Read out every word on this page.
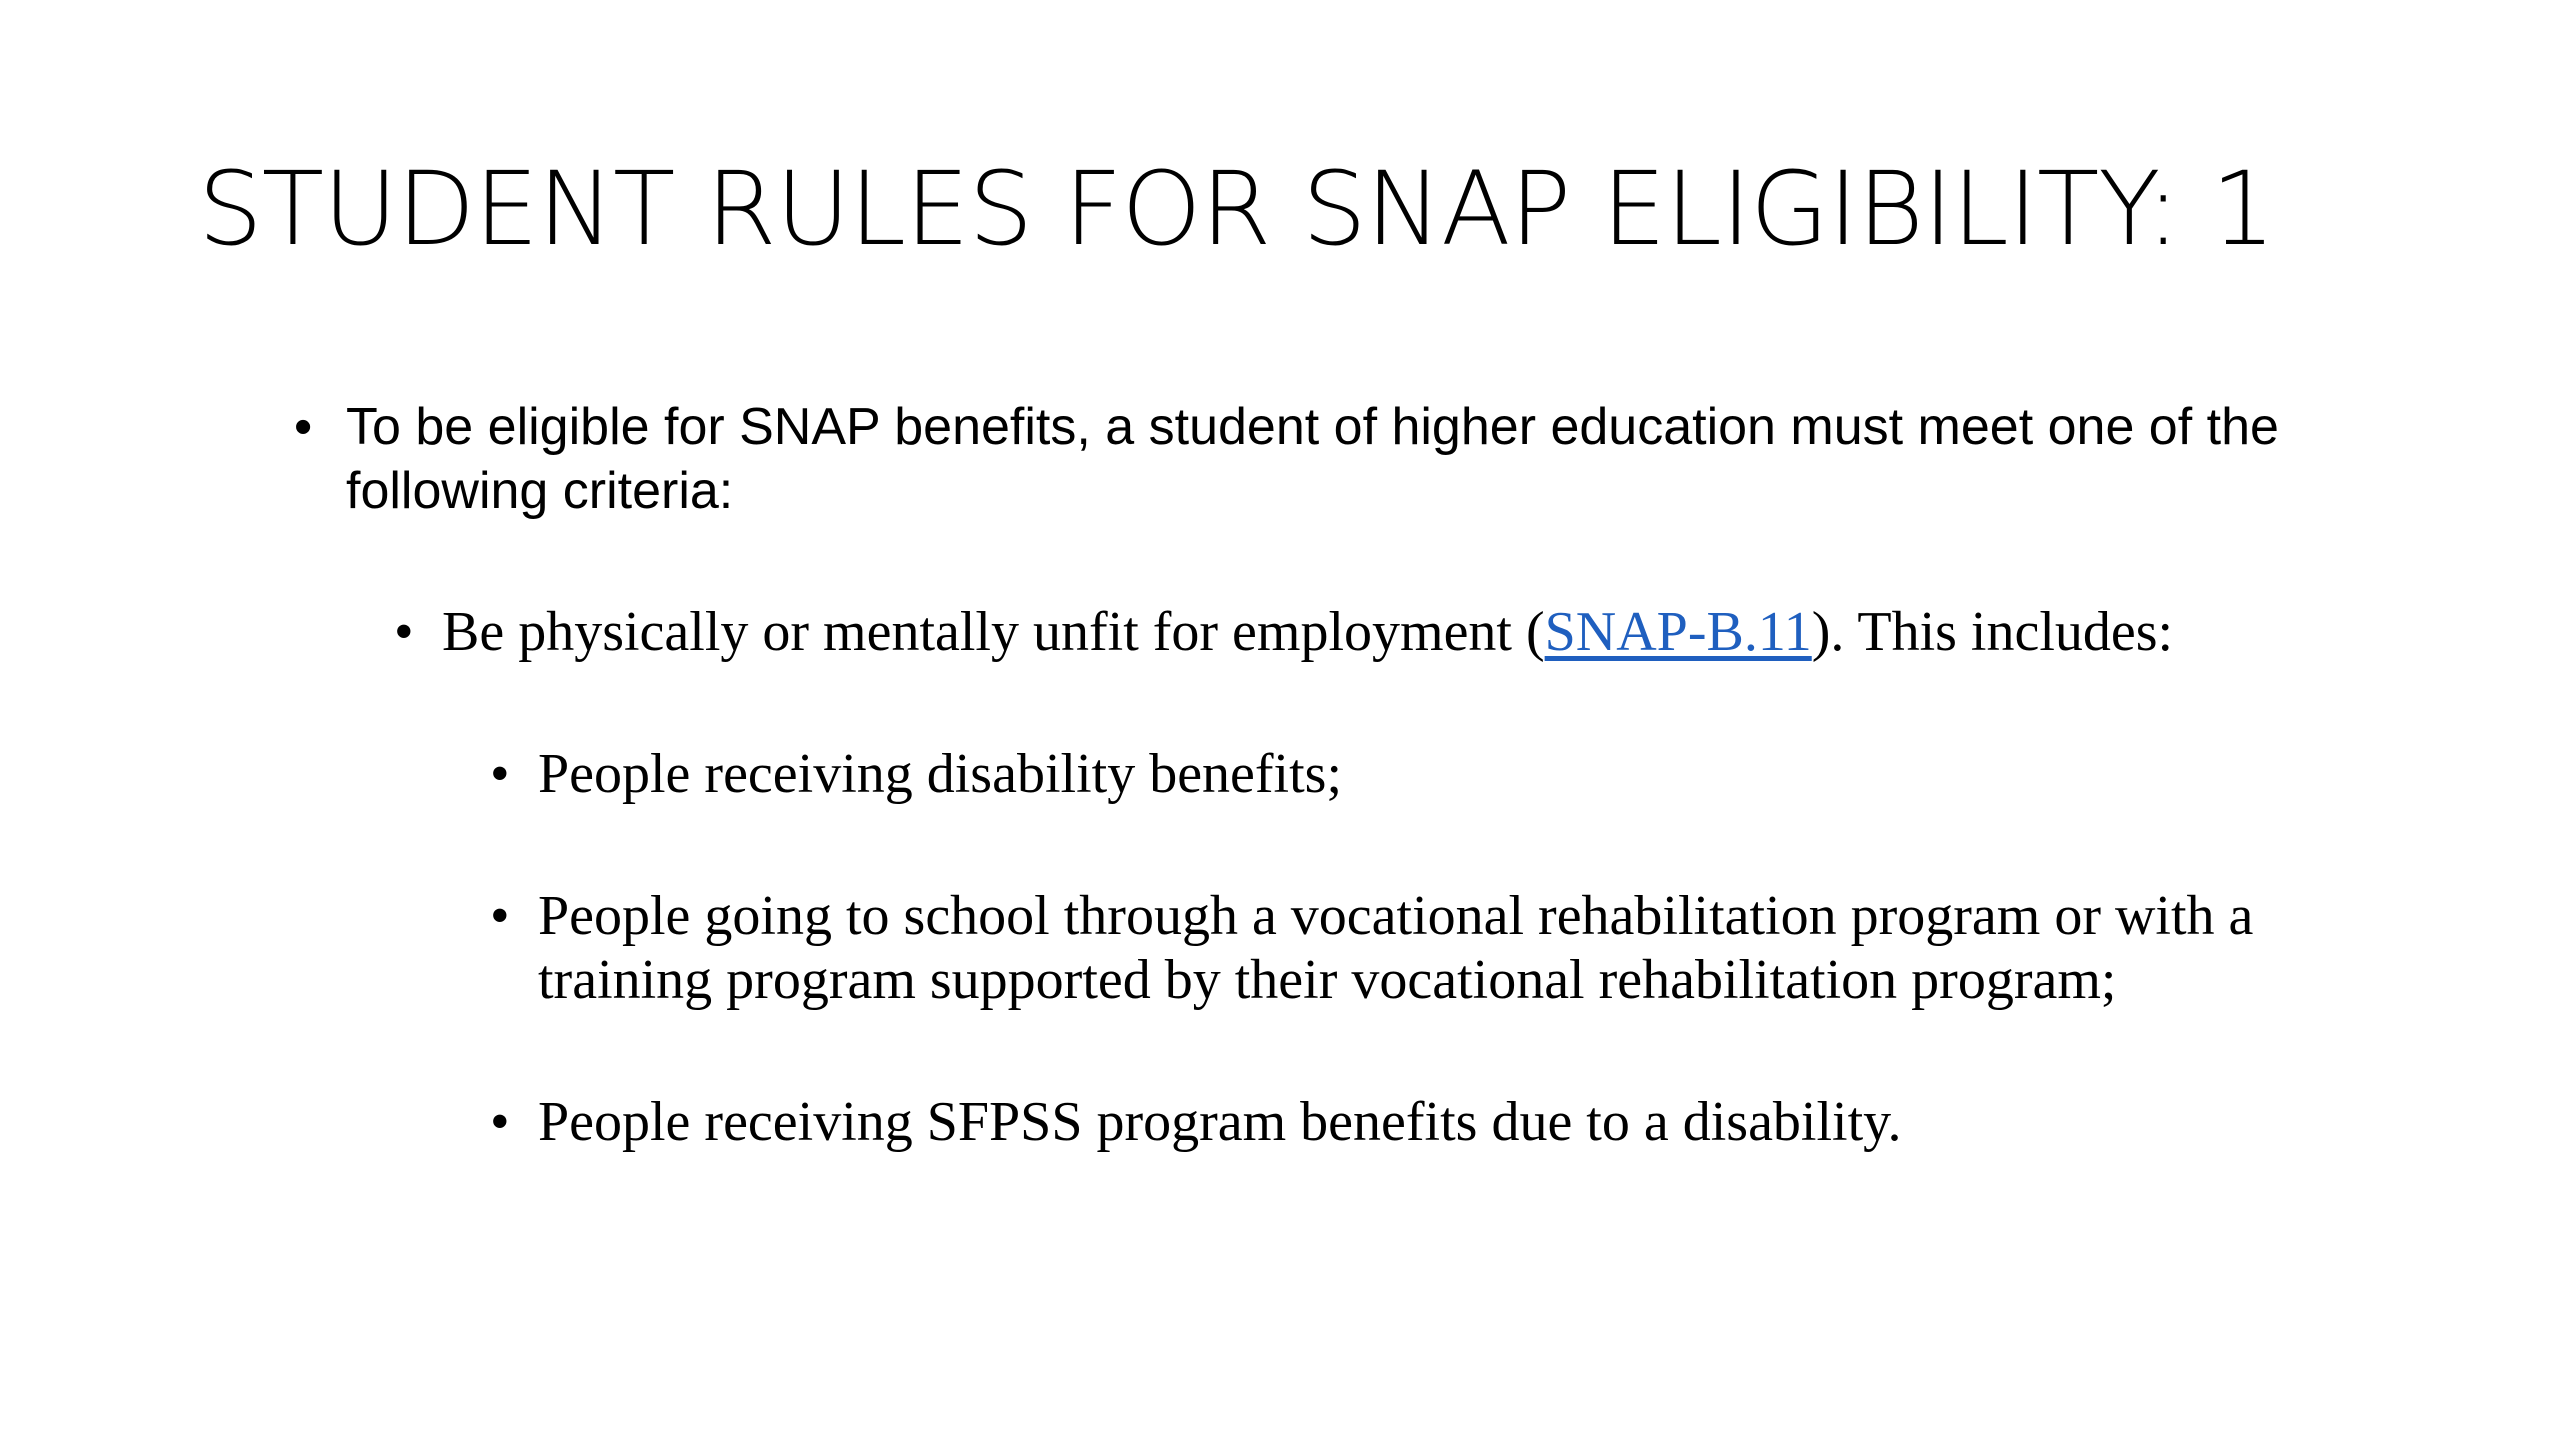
STUDENT RULES FOR SNAP ELIGIBILITY: 1
• To be eligible for SNAP benefits, a student of higher education must meet one of the following criteria:
• Be physically or mentally unfit for employment (SNAP-B.11). This includes:
• People receiving disability benefits;
• People going to school through a vocational rehabilitation program or with a training program supported by their vocational rehabilitation program;
• People receiving SFPSS program benefits due to a disability.
